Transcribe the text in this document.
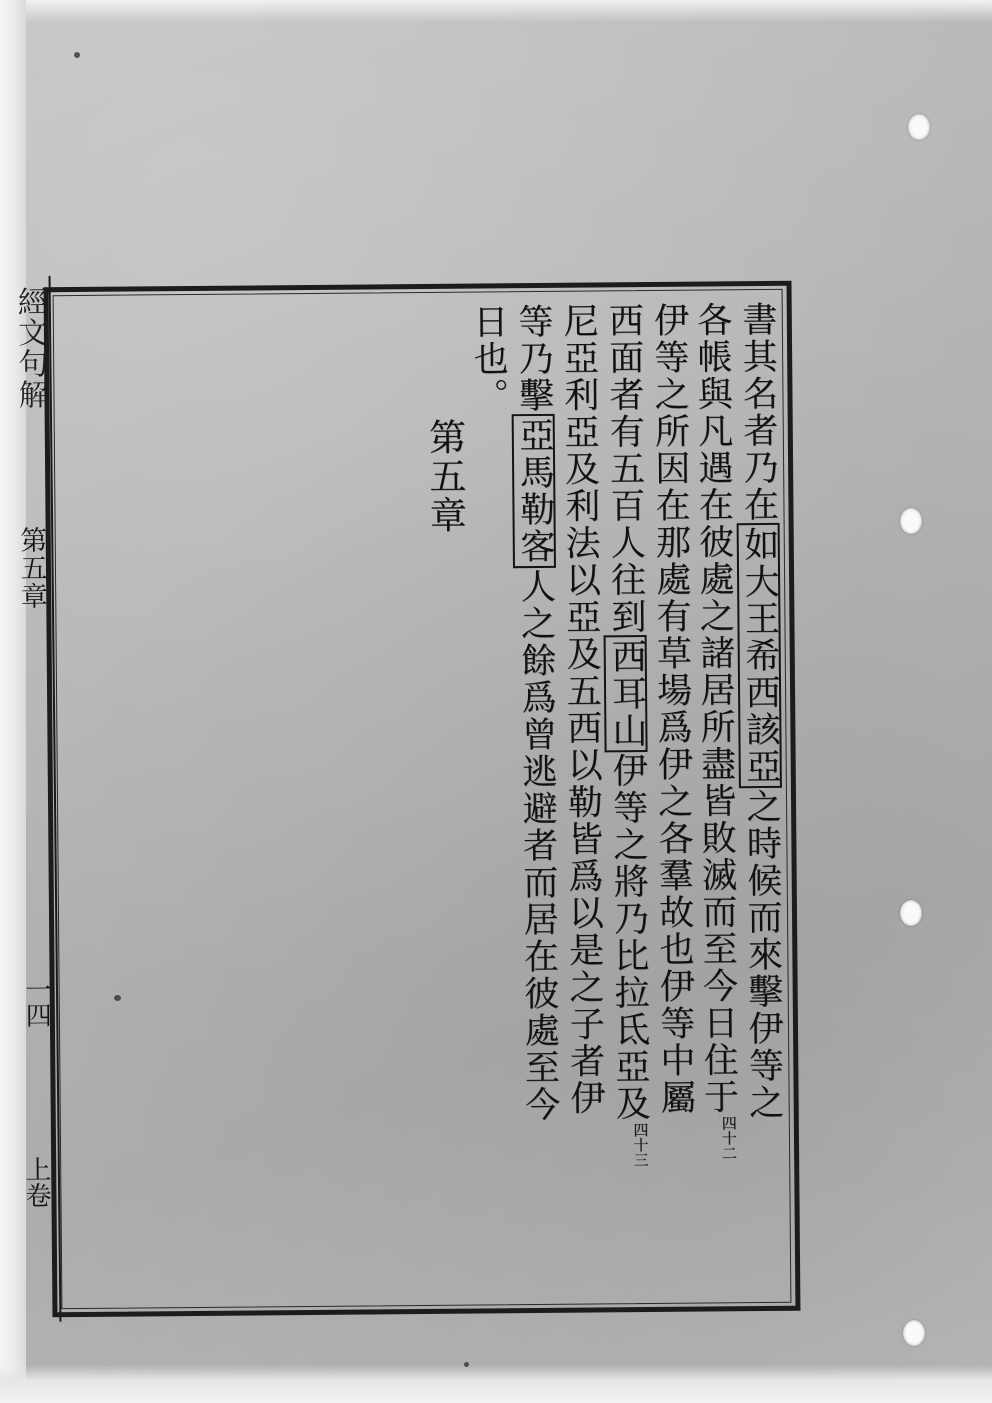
經文句解
第五章
一四
上卷
書其名者乃在如大王希西該亞之時候而來擊伊等之
各帳與凡遇在彼處之諸居所盡皆敗滅而至今日住于四十二
伊等之所因在那處有草場爲伊之各羣故也伊等中屬
西面者有五百人往到西耳山伊等之將乃比拉氐亞及四十三
尼亞利亞及利法以亞及五西以勒皆爲以是之子者伊
等乃擊亞馬勒客人之餘爲曾逃避者而居在彼處至今
日也。
第五章
